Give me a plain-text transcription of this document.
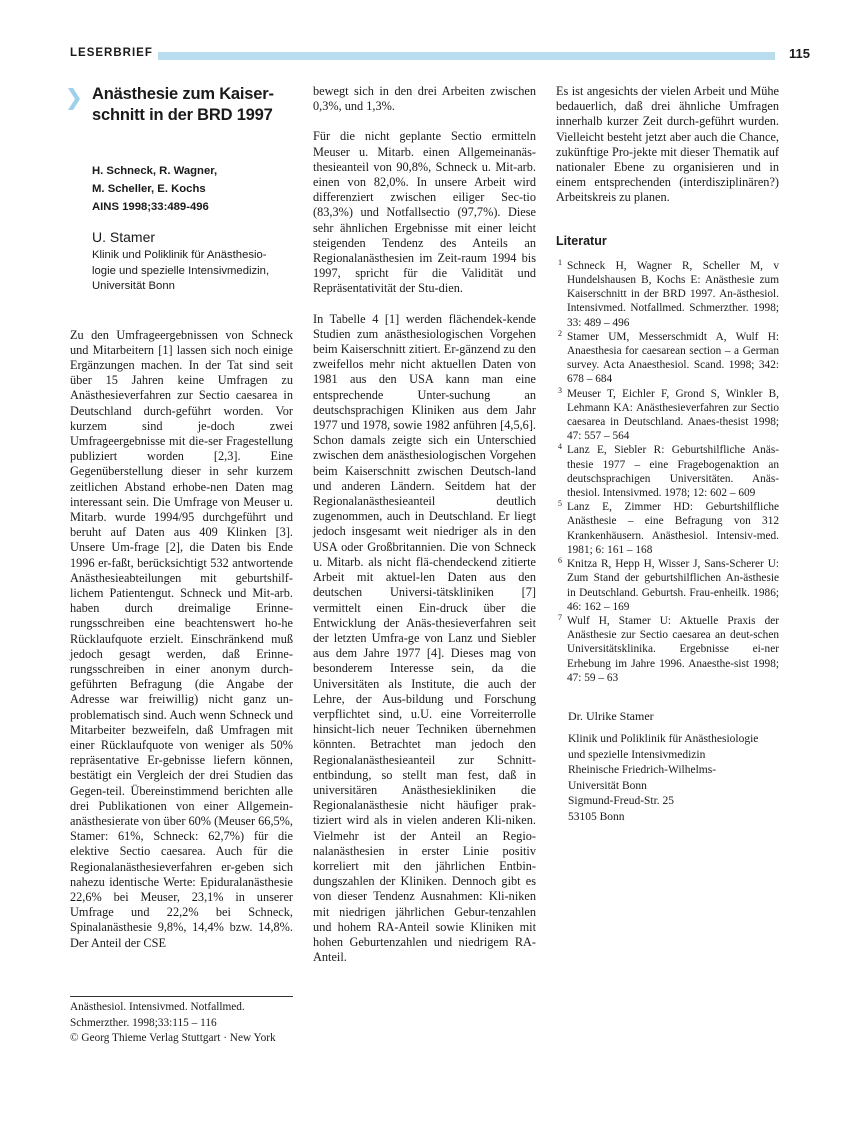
LESERBRIEF	115
Anästhesie zum Kaiser-
schnitt in der BRD 1997
H. Schneck, R. Wagner,
M. Scheller, E. Kochs
AINS 1998;33:489-496
U. Stamer
Klinik und Poliklinik für Anästhesio-logie und spezielle Intensivmedizin, Universität Bonn

Zu den Umfrageergebnissen von Schneck und Mitarbeitern [1] lassen sich noch einige Ergänzungen machen. In der Tat sind seit über 15 Jahren keine Umfragen zu Anästhesieverfahren zur Sectio caesarea in Deutschland durch-geführt worden. Vor kurzem sind je-doch zwei Umfrageergebnisse mit die-ser Fragestellung publiziert worden [2,3]. Eine Gegenüberstellung dieser in sehr kurzem zeitlichen Abstand erhobe-nen Daten mag interessant sein. Die Umfrage von Meuser u. Mitarb. wurde 1994/95 durchgeführt und beruht auf Daten aus 409 Klinken [3]. Unsere Um-frage [2], die Daten bis Ende 1996 er-faßt, berücksichtigt 532 antwortende Anästhesieabteilungen mit geburtshilf-lichem Patientengut. Schneck und Mit-arb. haben durch dreimalige Erinne-rungsschreiben eine beachtenswert ho-he Rücklaufquote erzielt. Einschränkend muß jedoch gesagt werden, daß Erinne-rungsschreiben in einer anonym durch-geführten Befragung (die Angabe der Adresse war freiwillig) nicht ganz un-problematisch sind. Auch wenn Schneck und Mitarbeiter bezweifeln, daß Umfragen mit einer Rücklaufquote von weniger als 50% repräsentative Er-gebnisse liefern können, bestätigt ein Vergleich der drei Studien das Gegen-teil. Übereinstimmend berichten alle drei Publikationen von einer Allgemein-anästhesierate von über 60% (Meuser 66,5%, Stamer: 61%, Schneck: 62,7%) für die elektive Sectio caesarea. Auch für die Regionalanästhesieverfahren er-geben sich nahezu identische Werte: Epiduralanästhesie 22,6% bei Meuser, 23,1% in unserer Umfrage und 22,2% bei Schneck, Spinalanästhesie 9,8%, 14,4% bzw. 14,8%. Der Anteil der CSE

Anästhesiol. Intensivmed. Notfallmed.
Schmerzther. 1998;33:115 – 116
© Georg Thieme Verlag Stuttgart · New York

bewegt sich in den drei Arbeiten zwischen 0,3%, und 1,3%.

Für die nicht geplante Sectio ermitteln Meuser u. Mitarb. einen Allgemeinanäs-thesieanteil von 90,8%, Schneck u. Mit-arb. einen von 82,0%. In unsere Arbeit wird differenziert zwischen eiliger Sec-tio (83,3%) und Notfallsectio (97,7%). Diese sehr ähnlichen Ergebnisse mit einer leicht steigenden Tendenz des Anteils an Regionalanästhesien im Zeit-raum 1994 bis 1997, spricht für die Validität und Repräsentativität der Stu-dien.

In Tabelle 4 [1] werden flächendek-kende Studien zum anästhesiologischen Vorgehen beim Kaiserschnitt zitiert. Er-gänzend zu den zweifellos mehr nicht aktuellen Daten von 1981 aus den USA kann man eine entsprechende Unter-suchung an deutschsprachigen Kliniken aus dem Jahr 1977 und 1978, sowie 1982 anführen [4,5,6]. Schon damals zeigte sich ein Unterschied zwischen dem anästhesiologischen Vorgehen beim Kaiserschnitt zwischen Deutsch-land und anderen Ländern. Seitdem hat der Regionalanästhesieanteil deutlich zugenommen, auch in Deutschland. Er liegt jedoch insgesamt weit niedriger als in den USA oder Großbritannien. Die von Schneck u. Mitarb. als nicht flä-chendeckend zitierte Arbeit mit aktuel-len Daten aus den deutschen Universi-tätskliniken [7] vermittelt einen Ein-druck über die Entwicklung der Anäs-thesieverfahren seit der letzten Umfra-ge von Lanz und Siebler aus dem Jahre 1977 [4]. Dieses mag von besonderem Interesse sein, da die Universitäten als Institute, die auch der Lehre, der Aus-bildung und Forschung verpflichtet sind, u.U. eine Vorreiterrolle hinsicht-lich neuer Techniken übernehmen könnten. Betrachtet man jedoch den Regionalanästhesieanteil zur Schnitt-entbindung, so stellt man fest, daß in universitären Anästhesiekliniken die Regionalanästhesie nicht häufiger prak-tiziert wird als in vielen anderen Kli-niken. Vielmehr ist der Anteil an Regio-nalanästhesien in erster Linie positiv korreliert mit den jährlichen Entbin-dungszahlen der Kliniken. Dennoch gibt es von dieser Tendenz Ausnahmen: Kli-niken mit niedrigen jährlichen Gebur-tenzahlen und hohem RA-Anteil sowie Kliniken mit hohen Geburtenzahlen und niedrigem RA-Anteil.

Es ist angesichts der vielen Arbeit und Mühe bedauerlich, daß drei ähnliche Umfragen innerhalb kurzer Zeit durch-geführt wurden. Vielleicht besteht jetzt aber auch die Chance, zukünftige Pro-jekte mit dieser Thematik auf nationaler Ebene zu organisieren und in einem entsprechenden (interdisziplinären?) Arbeitskreis zu planen.

Literatur
1 Schneck H, Wagner R, Scheller M, v Hundelshausen B, Kochs E: Anästhesie zum Kaiserschnitt in der BRD 1997. An-ästhesiol. Intensivmed. Notfallmed. Schmerzther. 1998; 33: 489 – 496
2 Stamer UM, Messerschmidt A, Wulf H: Anaesthesia for caesarean section – a German survey. Acta Anaesthesiol. Scand. 1998; 342: 678 – 684
3 Meuser T, Eichler F, Grond S, Winkler B, Lehmann KA: Anästhesieverfahren zur Sectio caesarea in Deutschland. Anaes-thesist 1998; 47: 557 – 564
4 Lanz E, Siebler R: Geburtshilfliche Anäs-thesie 1977 – eine Fragebogenaktion an deutschsprachigen Universitäten. Anäs-thesiol. Intensivmed. 1978; 12: 602 – 609
5 Lanz E, Zimmer HD: Geburtshilfliche Anästhesie – eine Befragung von 312 Krankenhäusern. Anästhesiol. Intensiv-med. 1981; 6: 161 – 168
6 Knitza R, Hepp H, Wisser J, Sans-Scherer U: Zum Stand der geburtshilflichen An-ästhesie in Deutschland. Geburtsh. Frau-enheilk. 1986; 46: 162 – 169
7 Wulf H, Stamer U: Aktuelle Praxis der Anästhesie zur Sectio caesarea an deut-schen Universitätsklinika. Ergebnisse ei-ner Erhebung im Jahre 1996. Anaesthe-sist 1998; 47: 59 – 63
Dr. Ulrike Stamer
Klinik und Poliklinik für Anästhesiologie
und spezielle Intensivmedizin
Rheinische Friedrich-Wilhelms-
Universität Bonn
Sigmund-Freud-Str. 25
53105 Bonn
